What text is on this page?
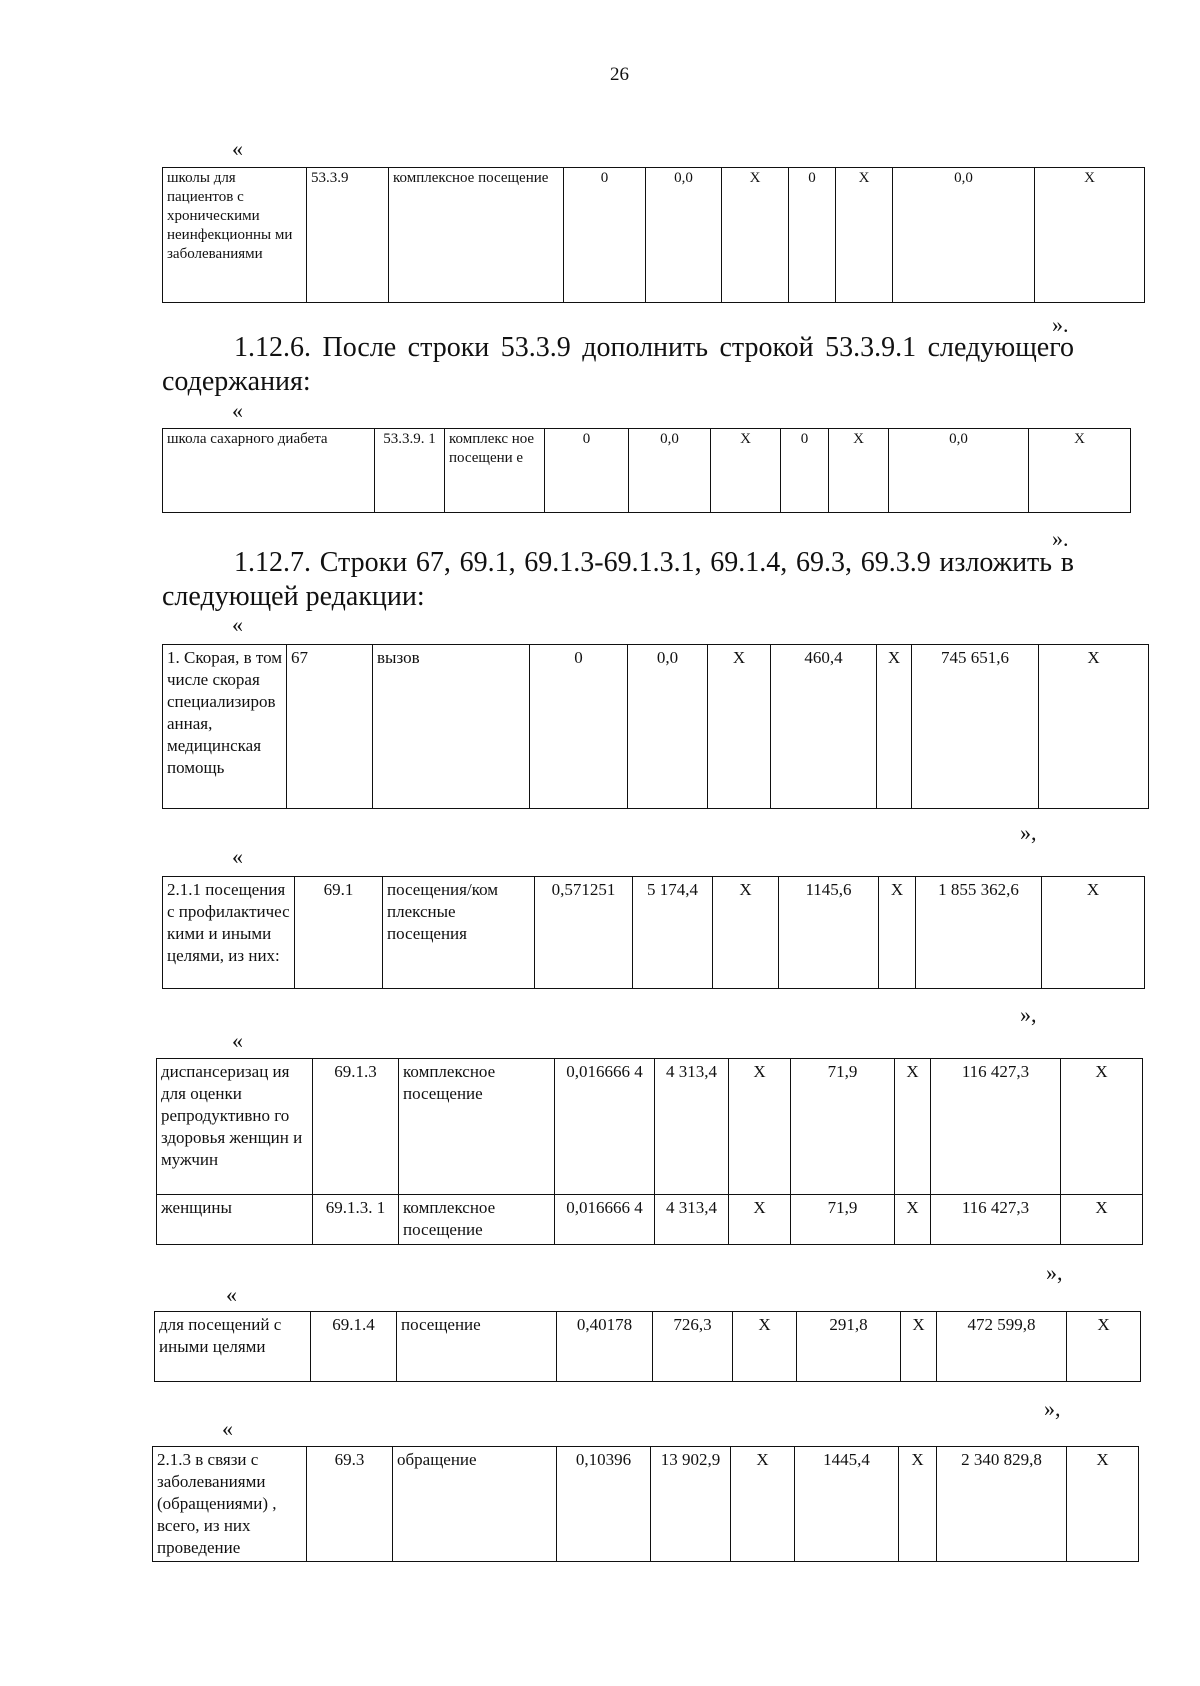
26
«
школы для пациентов с хроническими неинфекционны ми заболеваниями	53.3.9	комплексное посещение	0	0,0	Х	0	Х	0,0	Х
».

1.12.6. После строки 53.3.9 дополнить строкой 53.3.9.1 следующего содержания:

«
школа сахарного диабета	53.3.9. 1	комплекс ное посещени е	0	0,0	Х	0	Х	0,0	Х
».

1.12.7. Строки 67, 69.1, 69.1.3-69.1.3.1, 69.1.4, 69.3, 69.3.9 изложить в следующей редакции:

«
1. Скорая, в том числе скорая специализиров анная, медицинская помощь	67	вызов	0	0,0	Х	460,4	Х	745 651,6	Х
»,
«
2.1.1 посещения с профилактичес кими и иными целями, из них:	69.1	посещения/ком плексные посещения	0,571251	5 174,4	Х	1145,6	Х	1 855 362,6	Х
»,
«
диспансеризац ия для оценки репродуктивно го здоровья женщин и мужчин	69.1.3	комплексное посещение	0,016666 4	4 313,4	Х	71,9	Х	116 427,3	Х
женщины	69.1.3. 1	комплексное посещение	0,016666 4	4 313,4	Х	71,9	Х	116 427,3	Х
»,
«
для посещений с иными целями	69.1.4	посещение	0,40178	726,3	Х	291,8	Х	472 599,8	Х
»,
«
2.1.3 в связи с заболеваниями (обращениями) , всего, из них проведение	69.3	обращение	0,10396	13 902,9	Х	1445,4	Х	2 340 829,8	Х
